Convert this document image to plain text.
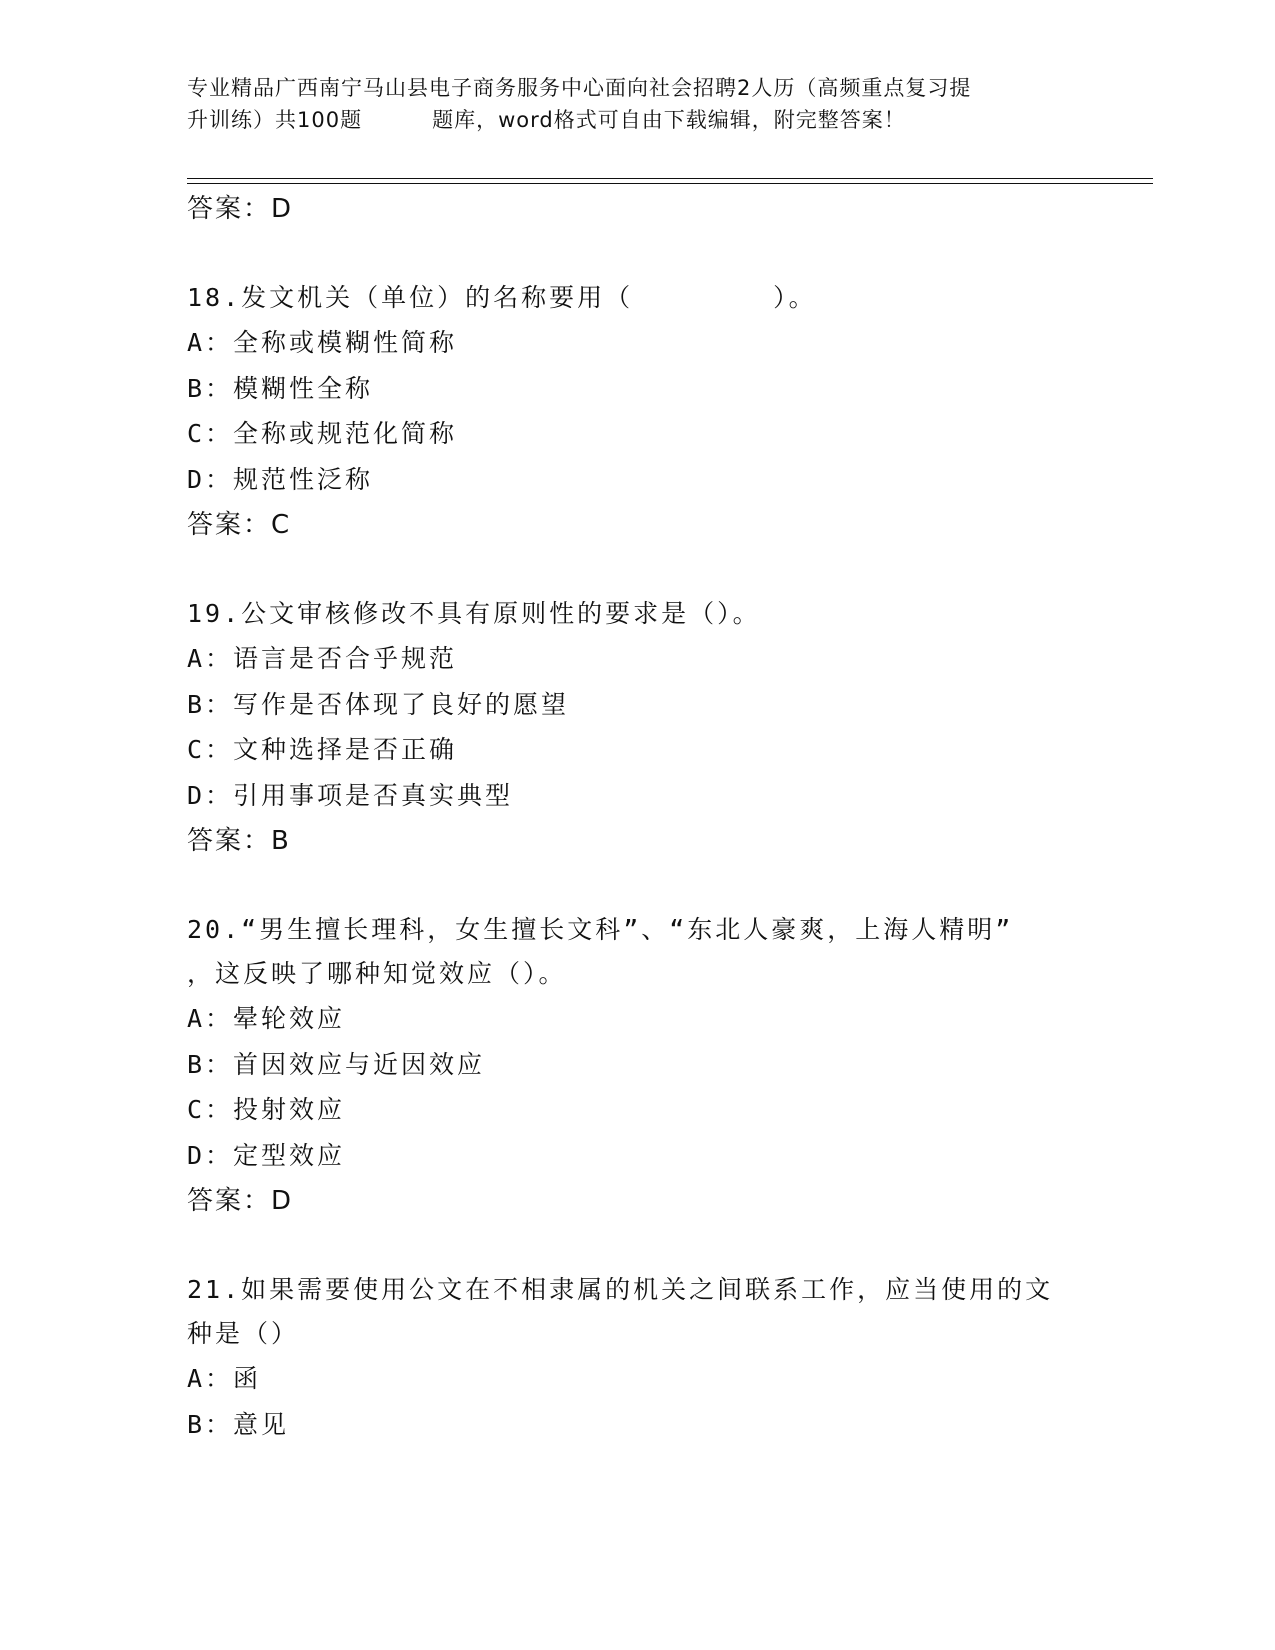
专业精品广西南宁马山县电子商务服务中心面向社会招聘2人历（高频重点复习提
升训练）共100题	题库，word格式可自由下载编辑，附完整答案！
答案：D
18.发文机关（单位）的名称要用（　　　　　）。
A：全称或模糊性简称
B：模糊性全称
C：全称或规范化简称
D：规范性泛称
答案：C
19.公文审核修改不具有原则性的要求是（）。
A：语言是否合乎规范
B：写作是否体现了良好的愿望
C：文种选择是否正确
D：引用事项是否真实典型
答案：B
20.“男生擅长理科，女生擅长文科”、“东北人豪爽，上海人精明”
，这反映了哪种知觉效应（）。
A：晕轮效应
B：首因效应与近因效应
C：投射效应
D：定型效应
答案：D
21.如果需要使用公文在不相隶属的机关之间联系工作，应当使用的文
种是（）
A：函
B：意见
